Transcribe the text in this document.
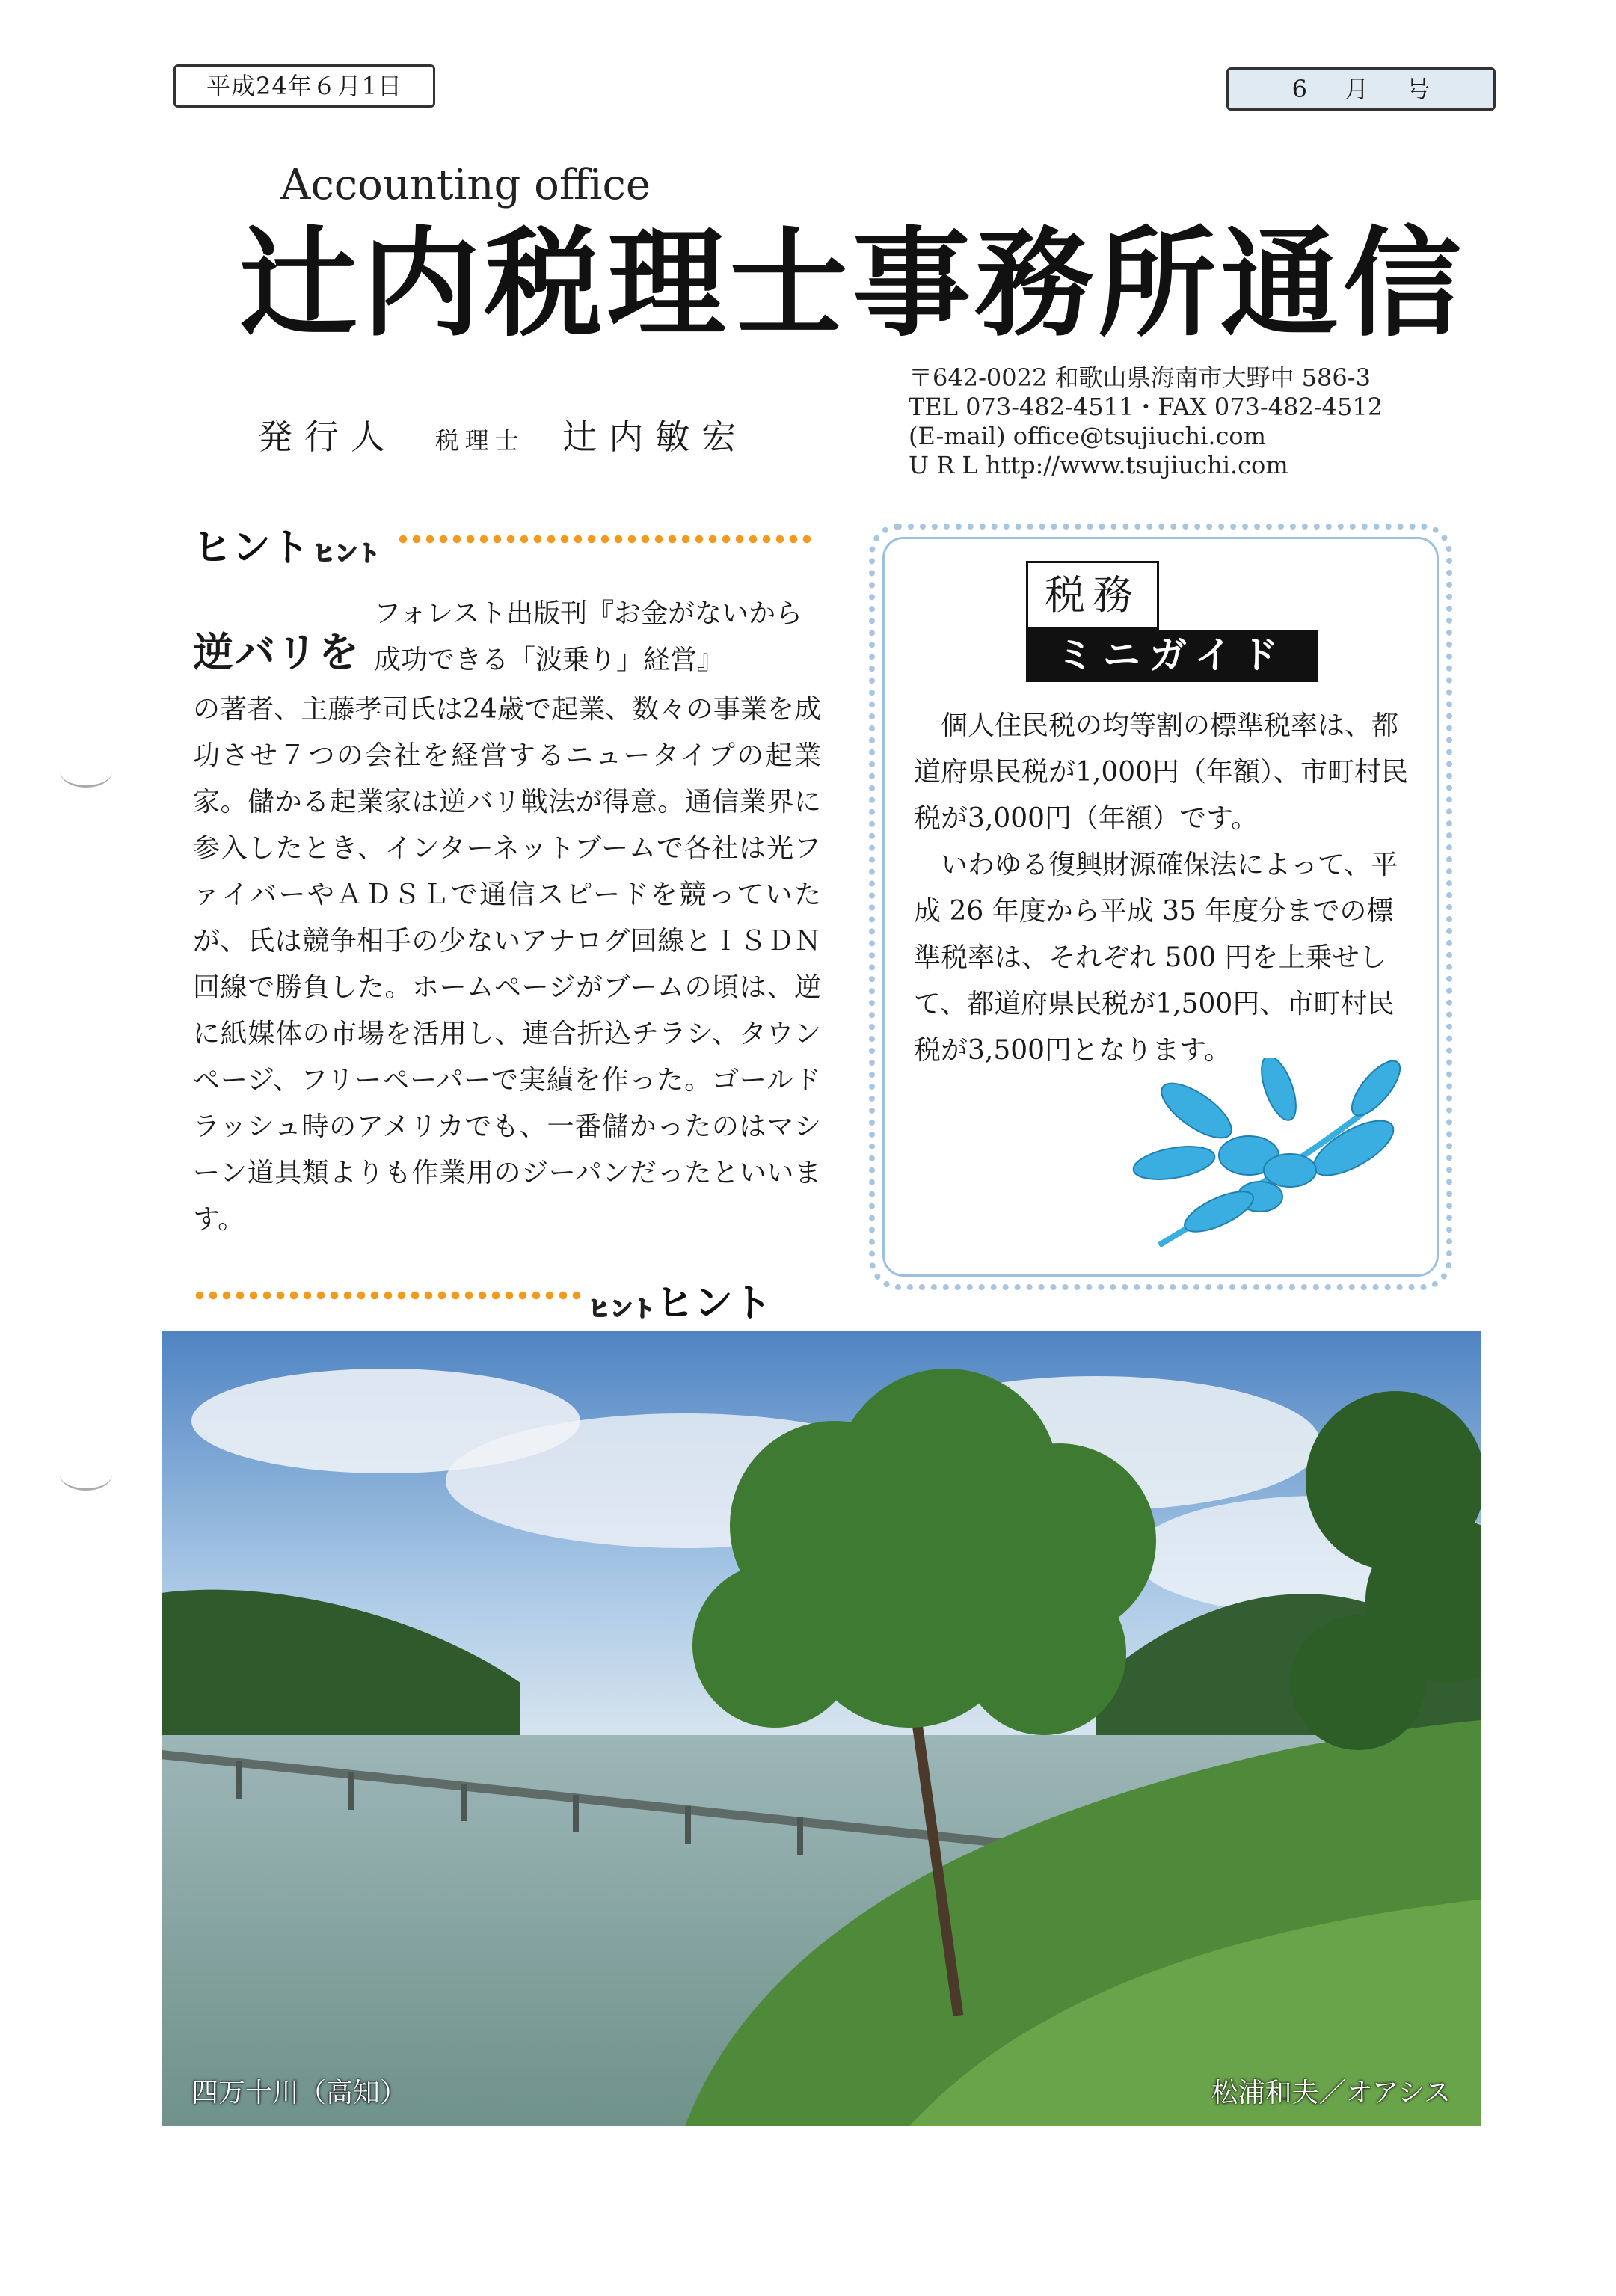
平成24年６月1日	6 月 号
Accounting office
辻内税理士事務所通信
発行人 税理士 辻内敏宏
〒642-0022 和歌山県海南市大野中 586-3
TEL 073-482-4511・FAX 073-482-4512
(E-mail) office@tsujiuchi.com
U R L http://www.tsujiuchi.com
ヒント ヒント
逆バリを
フォレスト出版刊『お金がないから成功できる「波乗り」経営』
の著者、主藤孝司氏は24歳で起業、数々の事業を成功させ７つの会社を経営するニュータイプの起業家。儲かる起業家は逆バリ戦法が得意。通信業界に参入したとき、インターネットブームで各社は光ファイバーやＡＤＳＬで通信スピードを競っていたが、氏は競争相手の少ないアナログ回線とＩＳＤＮ回線で勝負した。ホームページがブームの頃は、逆に紙媒体の市場を活用し、連合折込チラシ、タウンページ、フリーペーパーで実績を作った。ゴールドラッシュ時のアメリカでも、一番儲かったのはマシーン道具類よりも作業用のジーパンだったといいます。
税務
ミニガイド

個人住民税の均等割の標準税率は、都道府県民税が1,000円（年額）、市町村民税が3,000円（年額）です。

いわゆる復興財源確保法によって、平成 26 年度から平成 35 年度分までの標準税率は、それぞれ 500 円を上乗せして、都道府県民税が1,500円、市町村民税が3,500円となります。

ヒントヒント
四万十川（高知）	松浦和夫／オアシス
